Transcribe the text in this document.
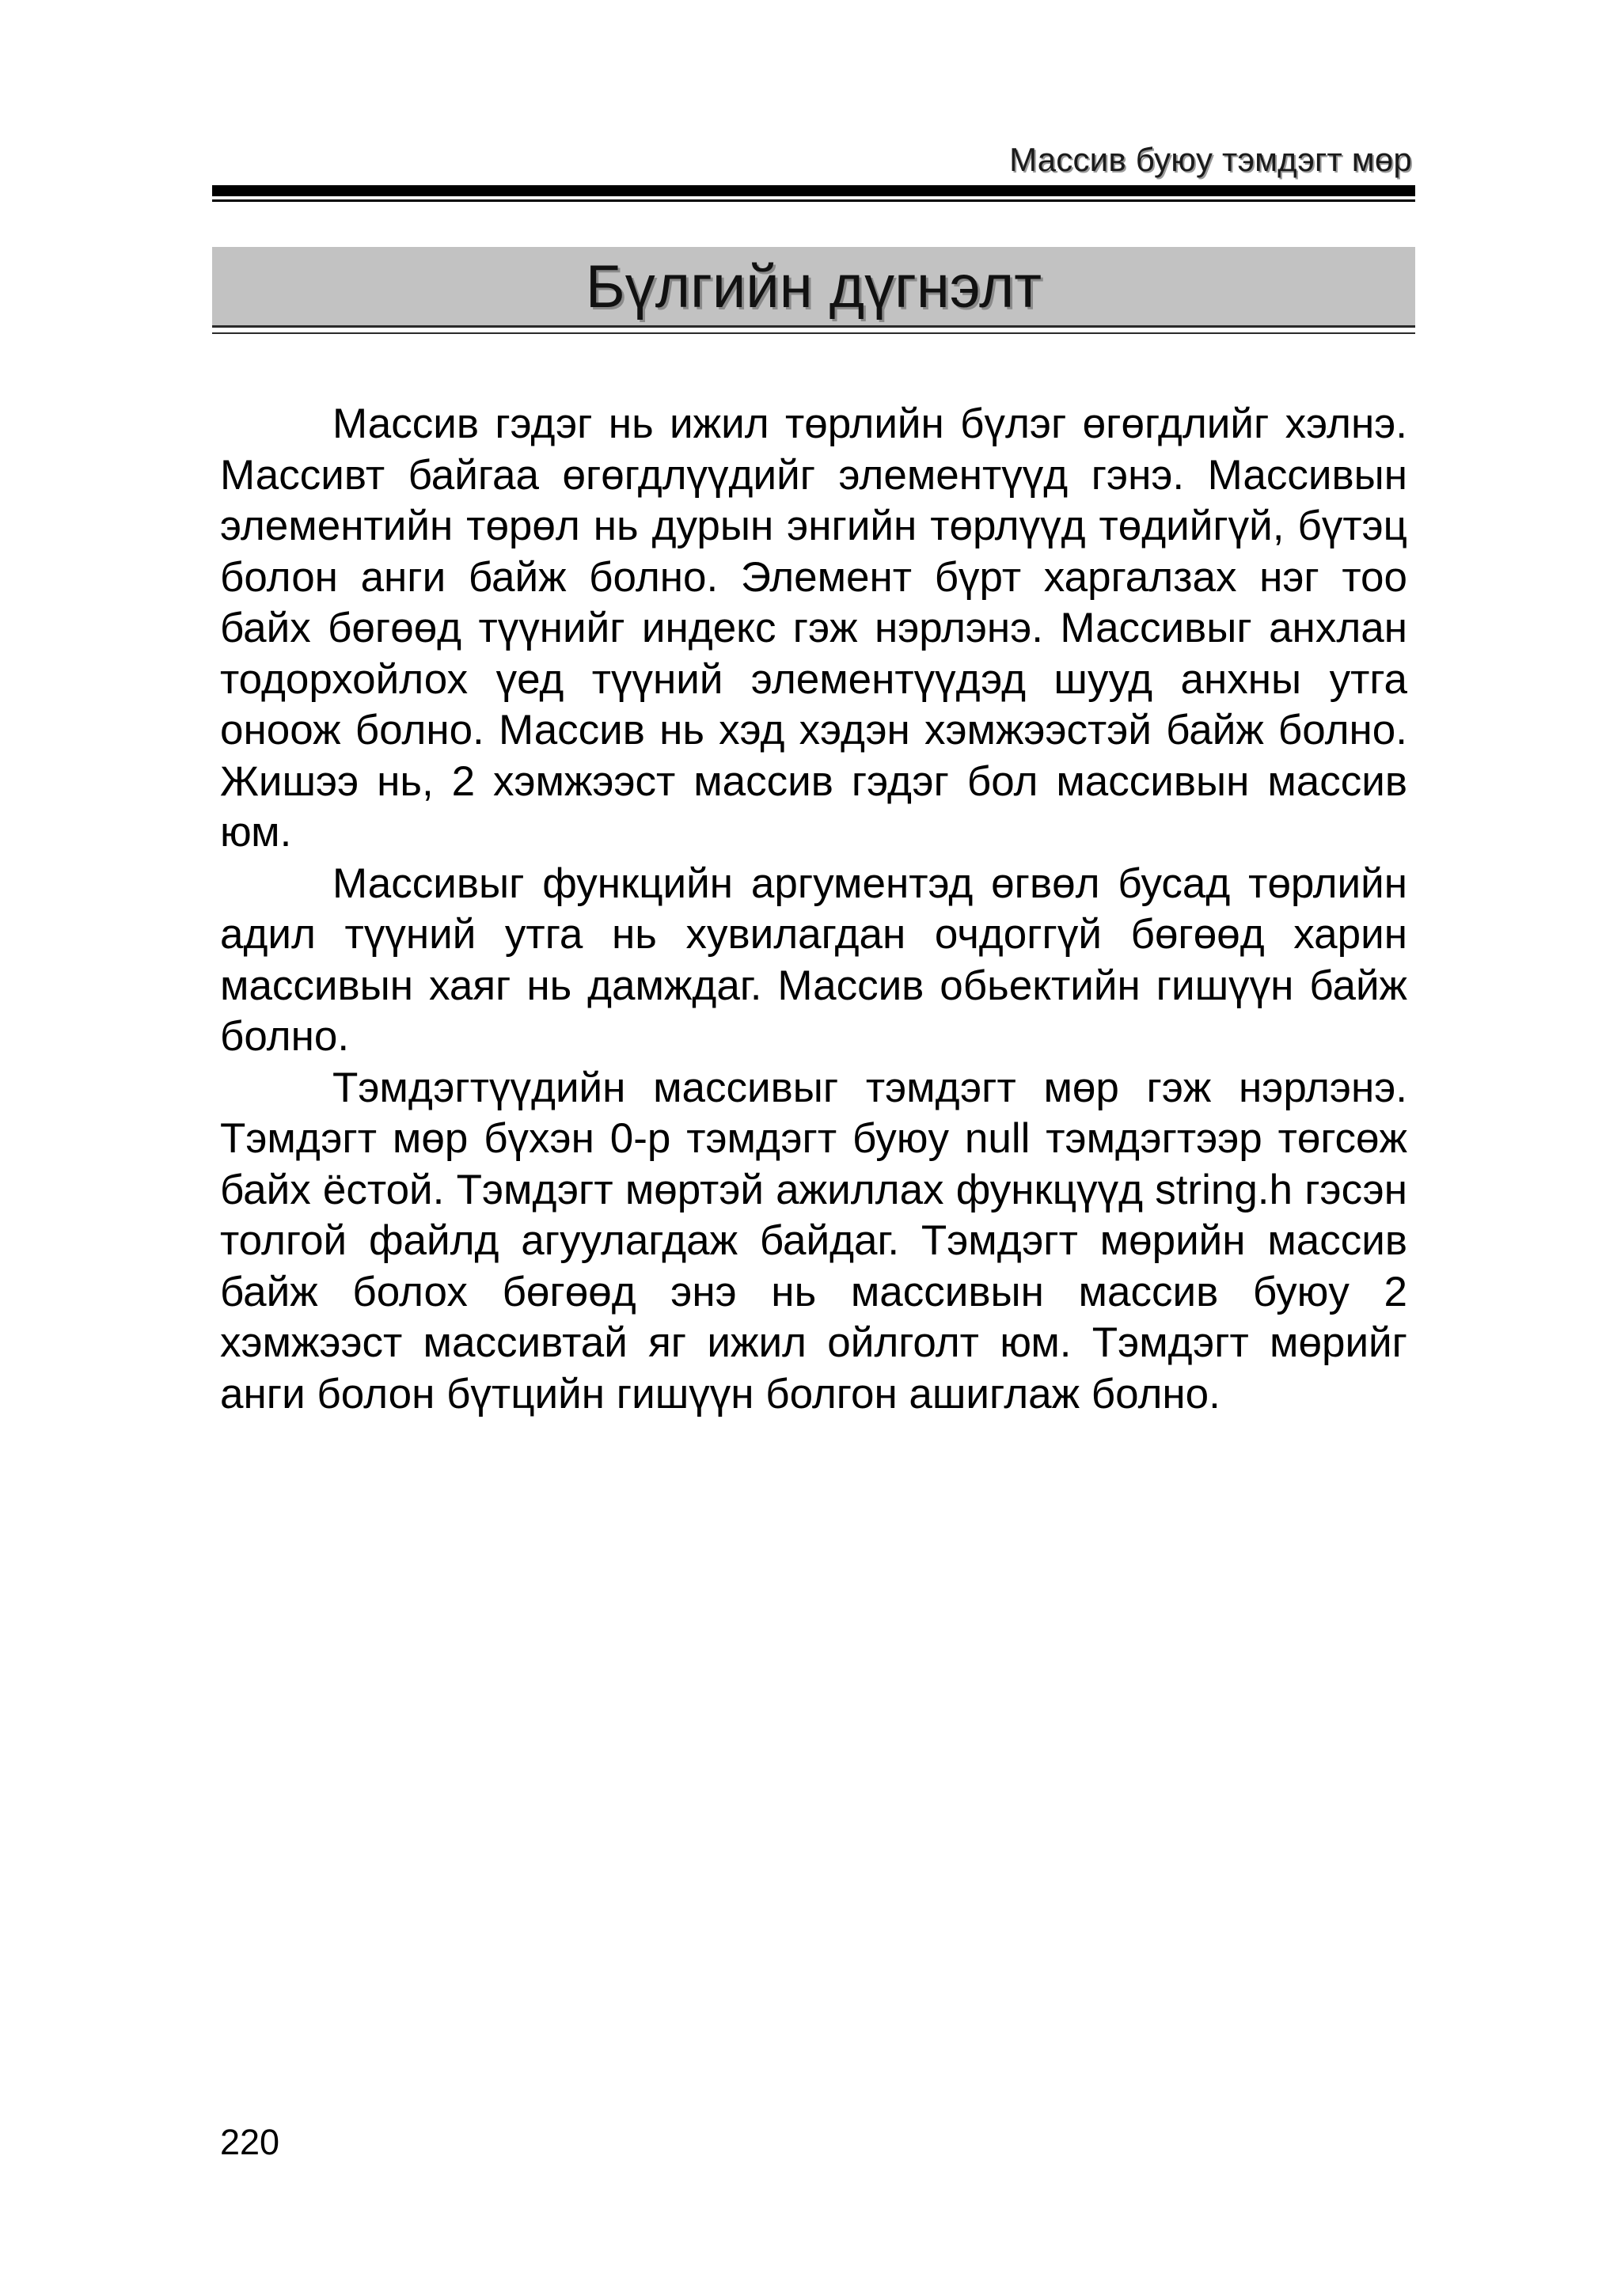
Массив буюу тэмдэгт мөр
Бүлгийн дүгнэлт

Массив гэдэг нь ижил төрлийн бүлэг өгөгдлийг хэлнэ. Массивт байгаа өгөгдлүүдийг элементүүд гэнэ. Массивын элементийн төрөл нь дурын энгийн төрлүүд төдийгүй, бүтэц болон анги байж болно. Элемент бүрт харгалзах нэг тоо байх бөгөөд түүнийг индекс гэж нэрлэнэ. Массивыг анхлан тодорхойлох үед түүний элементүүдэд шууд анхны утга оноож болно. Массив нь хэд хэдэн хэмжээстэй байж болно. Жишээ нь, 2 хэмжээст массив гэдэг бол массивын массив юм.

Массивыг функцийн аргументэд өгвөл бусад төрлийн адил түүний утга нь хувилагдан очдоггүй бөгөөд харин массивын хаяг нь дамждаг. Массив обьектийн гишүүн байж болно.

Тэмдэгтүүдийн массивыг тэмдэгт мөр гэж нэрлэнэ. Тэмдэгт мөр бүхэн 0-р тэмдэгт буюу null тэмдэгтээр төгсөж байх ёстой. Тэмдэгт мөртэй ажиллах функцүүд string.h гэсэн толгой файлд агуулагдаж байдаг. Тэмдэгт мөрийн массив байж болох бөгөөд энэ нь массивын массив буюу 2 хэмжээст массивтай яг ижил ойлголт юм. Тэмдэгт мөрийг анги болон бүтцийн гишүүн болгон ашиглаж болно.

220
